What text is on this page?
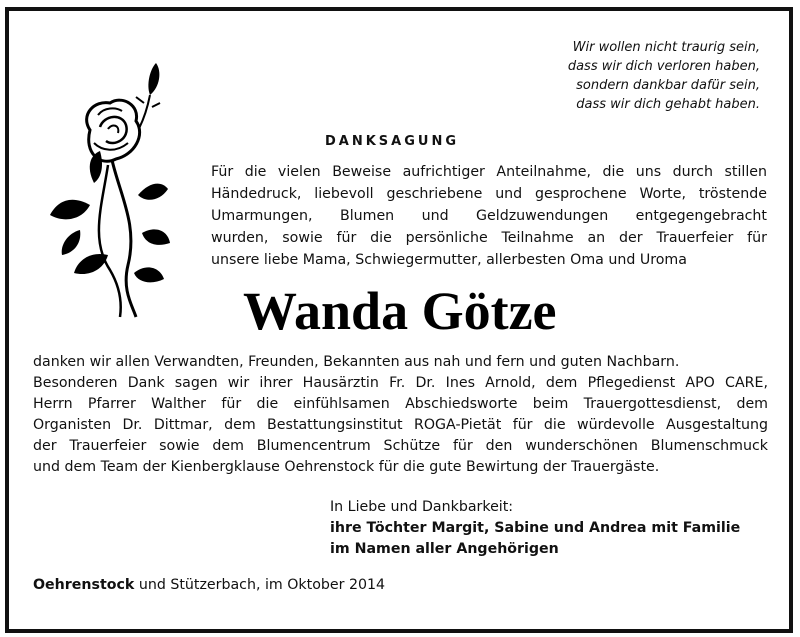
Wir wollen nicht traurig sein,
dass wir dich verloren haben,
sondern dankbar dafür sein,
dass wir dich gehabt haben.
DANKSAGUNG
Für die vielen Beweise aufrichtiger Anteilnahme, die uns durch stillen
Händedruck, liebevoll geschriebene und gesprochene Worte, tröstende
Umarmungen, Blumen und Geldzuwendungen entgegengebracht
wurden, sowie für die persönliche Teilnahme an der Trauerfeier für
unsere liebe Mama, Schwiegermutter, allerbesten Oma und Uroma
Wanda Götze
danken wir allen Verwandten, Freunden, Bekannten aus nah und fern und guten Nachbarn.
Besonderen Dank sagen wir ihrer Hausärztin Fr. Dr. Ines Arnold, dem Pflegedienst APO CARE,
Herrn Pfarrer Walther für die einfühlsamen Abschiedsworte beim Trauergottesdienst, dem
Organisten Dr. Dittmar, dem Bestattungsinstitut ROGA-Pietät für die würdevolle Ausgestaltung
der Trauerfeier sowie dem Blumencentrum Schütze für den wunderschönen Blumenschmuck
und dem Team der Kienbergklause Oehrenstock für die gute Bewirtung der Trauergäste.
In Liebe und Dankbarkeit:
ihre Töchter Margit, Sabine und Andrea mit Familie
im Namen aller Angehörigen
Oehrenstock und Stützerbach, im Oktober 2014
